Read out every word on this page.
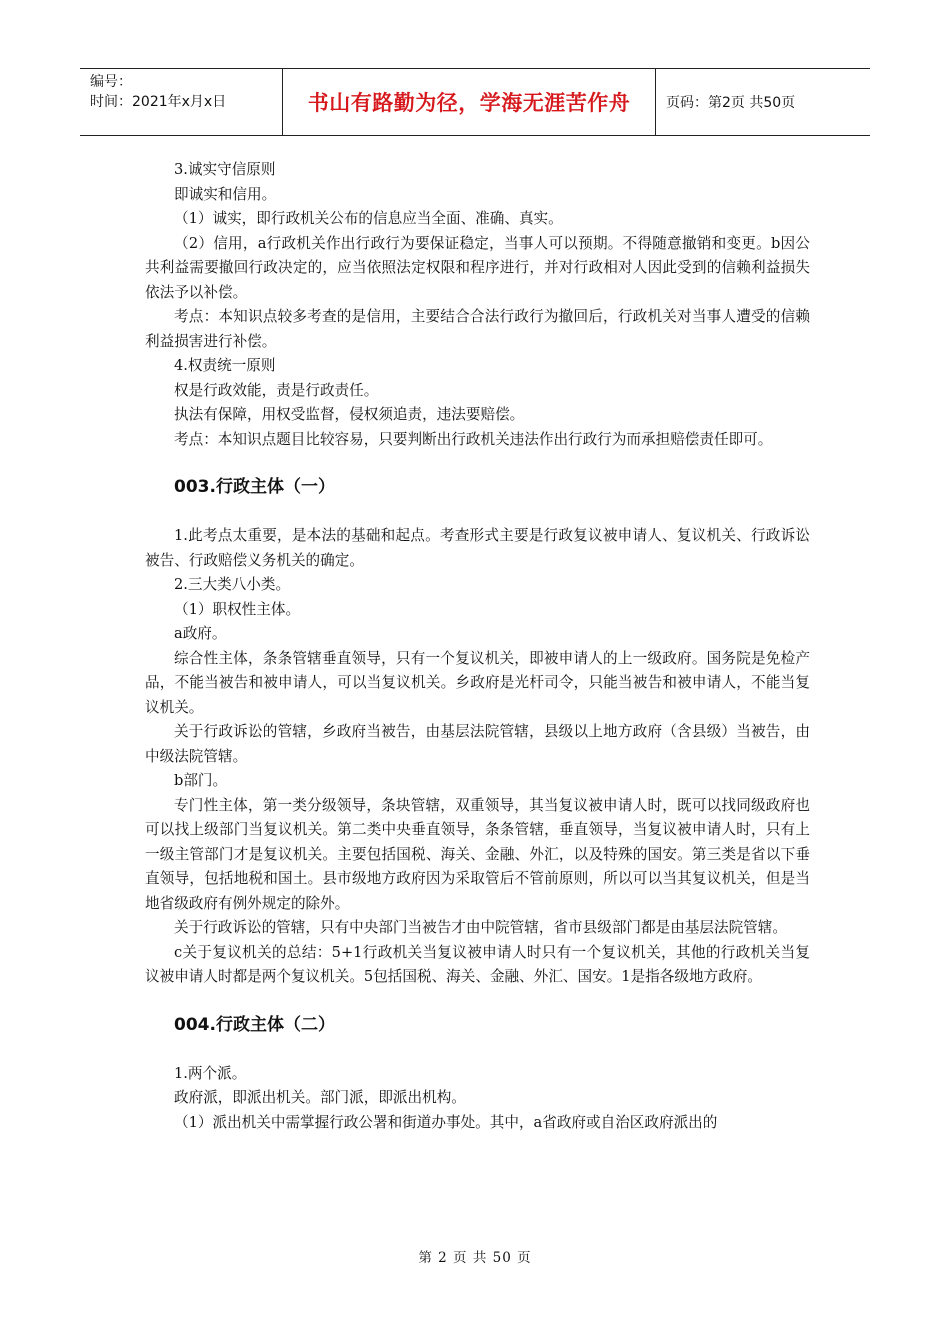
编号：
时间：2021年x月x日	书山有路勤为径，学海无涯苦作舟	页码：第2页 共50页

3.诚实守信原则

即诚实和信用。

（1）诚实，即行政机关公布的信息应当全面、准确、真实。

（2）信用，a行政机关作出行政行为要保证稳定，当事人可以预期。不得随意撤销和变更。b因公共利益需要撤回行政决定的，应当依照法定权限和程序进行，并对行政相对人因此受到的信赖利益损失依法予以补偿。

考点：本知识点较多考查的是信用，主要结合合法行政行为撤回后，行政机关对当事人遭受的信赖利益损害进行补偿。

4.权责统一原则

权是行政效能，责是行政责任。

执法有保障，用权受监督，侵权须追责，违法要赔偿。

考点：本知识点题目比较容易，只要判断出行政机关违法作出行政行为而承担赔偿责任即可。

003.行政主体（一）

1.此考点太重要，是本法的基础和起点。考查形式主要是行政复议被申请人、复议机关、行政诉讼被告、行政赔偿义务机关的确定。

2.三大类八小类。

（1）职权性主体。

a政府。

综合性主体，条条管辖垂直领导，只有一个复议机关，即被申请人的上一级政府。国务院是免检产品，不能当被告和被申请人，可以当复议机关。乡政府是光杆司令，只能当被告和被申请人，不能当复议机关。

关于行政诉讼的管辖，乡政府当被告，由基层法院管辖，县级以上地方政府（含县级）当被告，由中级法院管辖。

b部门。

专门性主体，第一类分级领导，条块管辖，双重领导，其当复议被申请人时，既可以找同级政府也可以找上级部门当复议机关。第二类中央垂直领导，条条管辖，垂直领导，当复议被申请人时，只有上一级主管部门才是复议机关。主要包括国税、海关、金融、外汇，以及特殊的国安。第三类是省以下垂直领导，包括地税和国土。县市级地方政府因为采取管后不管前原则，所以可以当其复议机关，但是当地省级政府有例外规定的除外。

关于行政诉讼的管辖，只有中央部门当被告才由中院管辖，省市县级部门都是由基层法院管辖。

c关于复议机关的总结：5+1行政机关当复议被申请人时只有一个复议机关，其他的行政机关当复议被申请人时都是两个复议机关。5包括国税、海关、金融、外汇、国安。1是指各级地方政府。

004.行政主体（二）

1.两个派。

政府派，即派出机关。部门派，即派出机构。

（1）派出机关中需掌握行政公署和街道办事处。其中，a省政府或自治区政府派出的

第 2 页 共 50 页
